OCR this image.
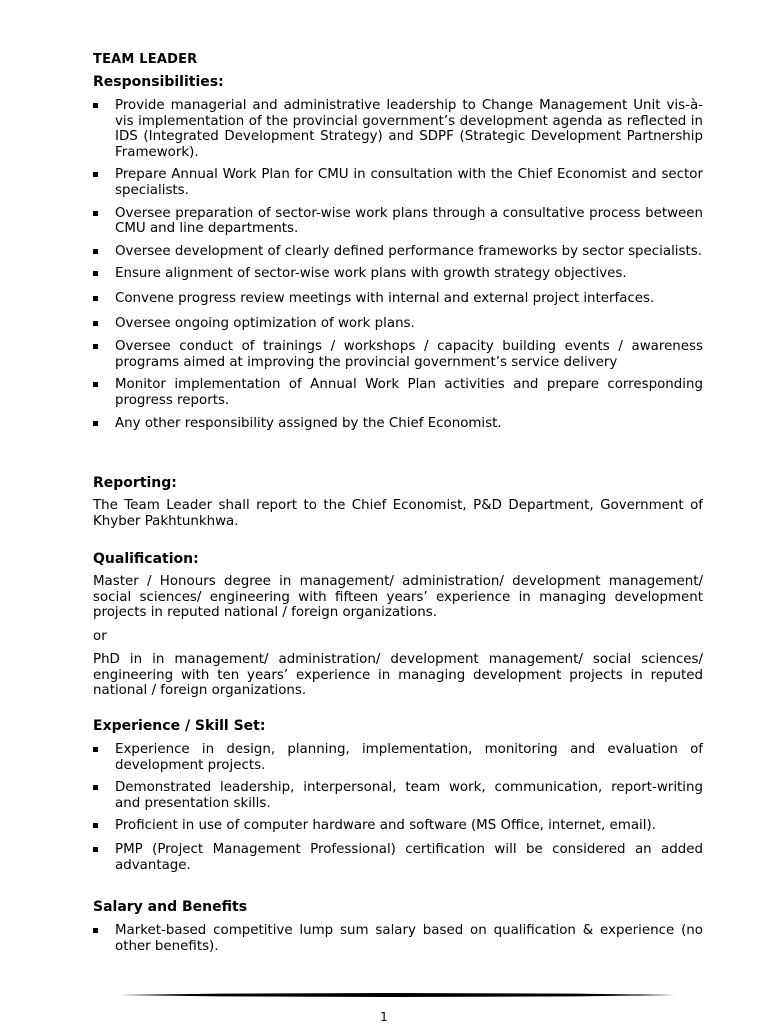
TEAM LEADER
Responsibilities:
Provide managerial and administrative leadership to Change Management Unit vis-à-vis implementation of the provincial government’s development agenda as reflected in IDS (Integrated Development Strategy) and SDPF (Strategic Development Partnership Framework).
Prepare Annual Work Plan for CMU in consultation with the Chief Economist and sector specialists.
Oversee preparation of sector-wise work plans through a consultative process between CMU and line departments.
Oversee development of clearly defined performance frameworks by sector specialists.
Ensure alignment of sector-wise work plans with growth strategy objectives.
Convene progress review meetings with internal and external project interfaces.
Oversee ongoing optimization of work plans.
Oversee conduct of trainings / workshops / capacity building events / awareness programs aimed at improving the provincial government’s service delivery
Monitor implementation of Annual Work Plan activities and prepare corresponding progress reports.
Any other responsibility assigned by the Chief Economist.
Reporting:
The Team Leader shall report to the Chief Economist, P&D Department, Government of Khyber Pakhtunkhwa.
Qualification:
Master / Honours degree in management/ administration/ development management/ social sciences/ engineering with fifteen years’ experience in managing development projects in reputed national / foreign organizations.
or
PhD in in management/ administration/ development management/ social sciences/ engineering with ten years’ experience in managing development projects in reputed national / foreign organizations.
Experience / Skill Set:
Experience in design, planning, implementation, monitoring and evaluation of development projects.
Demonstrated leadership, interpersonal, team work, communication, report-writing and presentation skills.
Proficient in use of computer hardware and software (MS Office, internet, email).
PMP (Project Management Professional) certification will be considered an added advantage.
Salary and Benefits
Market-based competitive lump sum salary based on qualification & experience (no other benefits).
1
